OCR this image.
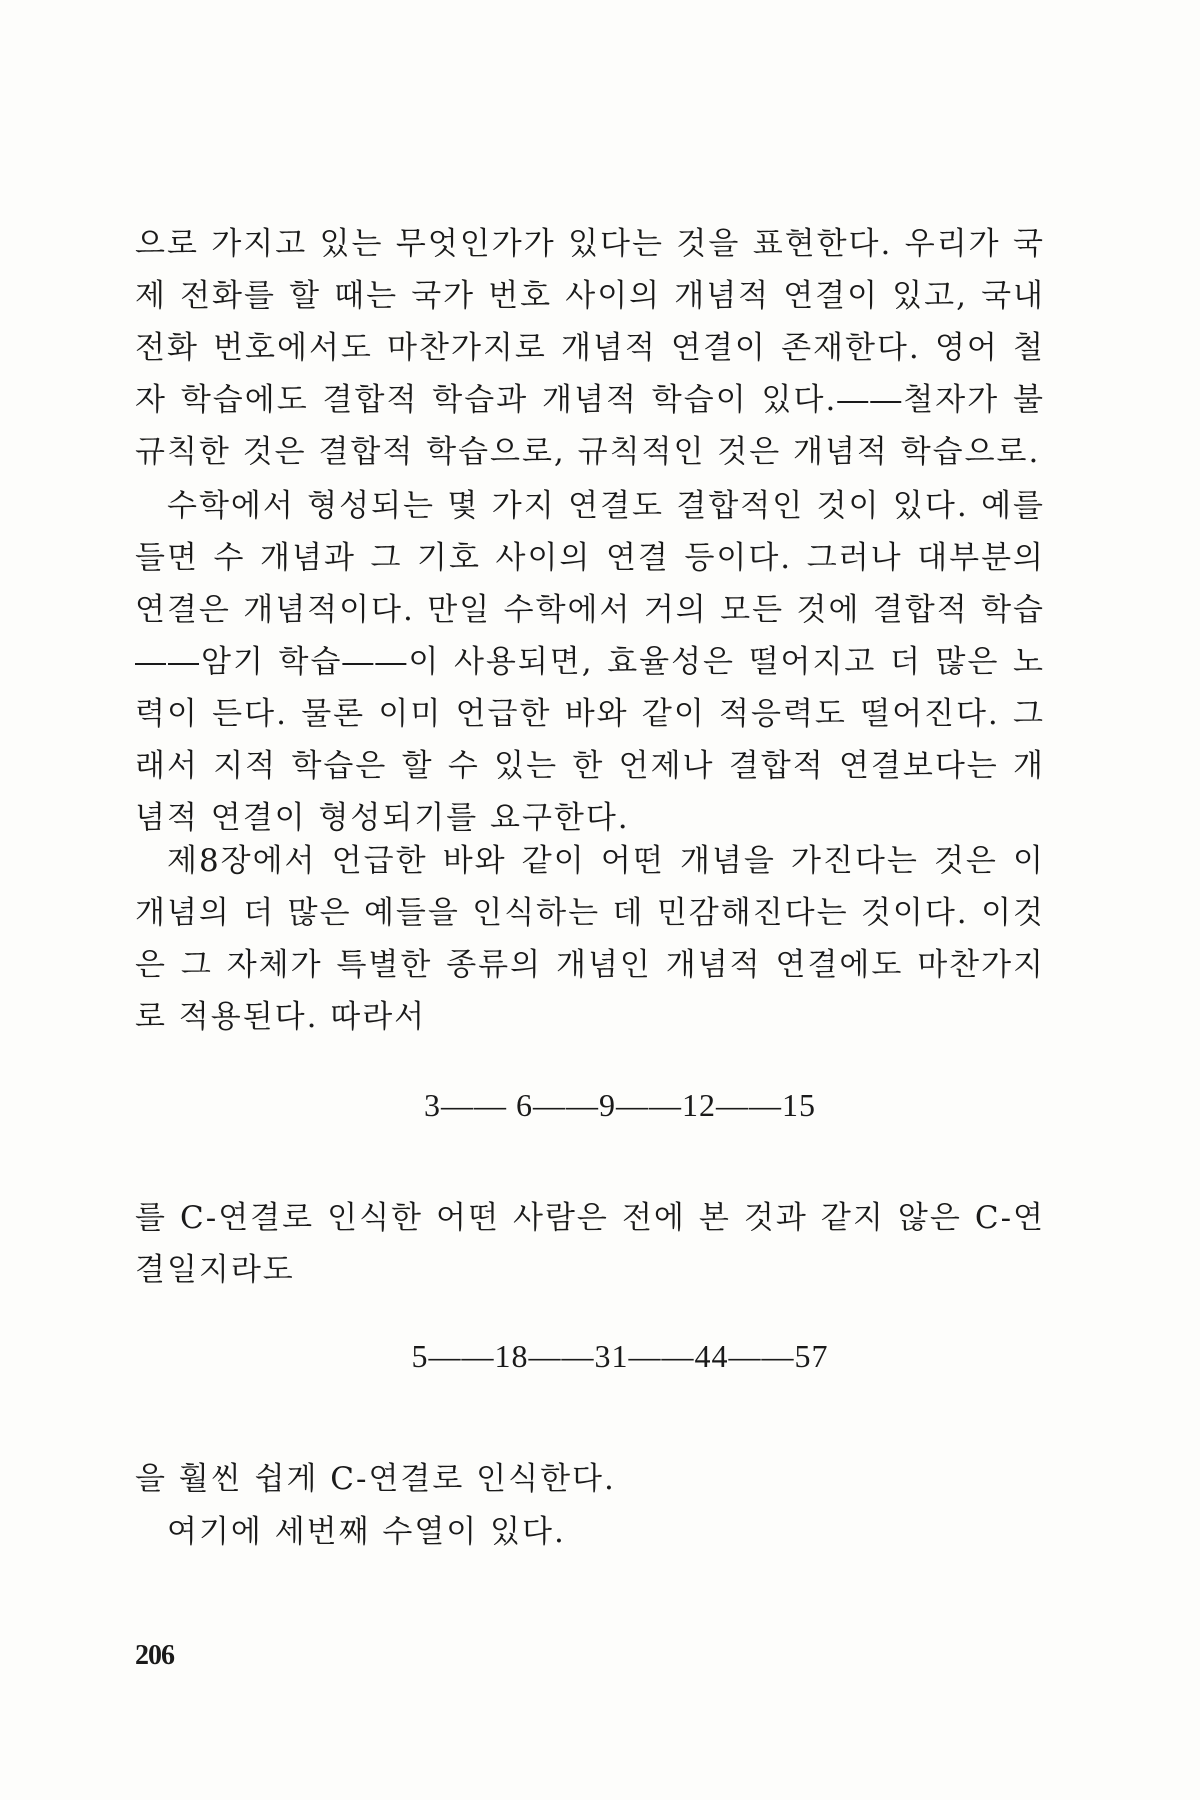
으로 가지고 있는 무엇인가가 있다는 것을 표현한다. 우리가 국제 전화를 할 때는 국가 번호 사이의 개념적 연결이 있고, 국내 전화 번호에서도 마찬가지로 개념적 연결이 존재한다. 영어 철자 학습에도 결합적 학습과 개념적 학습이 있다.――철자가 불규칙한 것은 결합적 학습으로, 규칙적인 것은 개념적 학습으로.

수학에서 형성되는 몇 가지 연결도 결합적인 것이 있다. 예를 들면 수 개념과 그 기호 사이의 연결 등이다. 그러나 대부분의 연결은 개념적이다. 만일 수학에서 거의 모든 것에 결합적 학습――암기 학습――이 사용되면, 효율성은 떨어지고 더 많은 노력이 든다. 물론 이미 언급한 바와 같이 적응력도 떨어진다. 그래서 지적 학습은 할 수 있는 한 언제나 결합적 연결보다는 개념적 연결이 형성되기를 요구한다.

제8장에서 언급한 바와 같이 어떤 개념을 가진다는 것은 이 개념의 더 많은 예들을 인식하는 데 민감해진다는 것이다. 이것은 그 자체가 특별한 종류의 개념인 개념적 연결에도 마찬가지로 적용된다. 따라서

3—— 6——9——12——15

를 C-연결로 인식한 어떤 사람은 전에 본 것과 같지 않은 C-연결일지라도

5——18——31——44——57

을 훨씬 쉽게 C-연결로 인식한다.

여기에 세번째 수열이 있다.

206
